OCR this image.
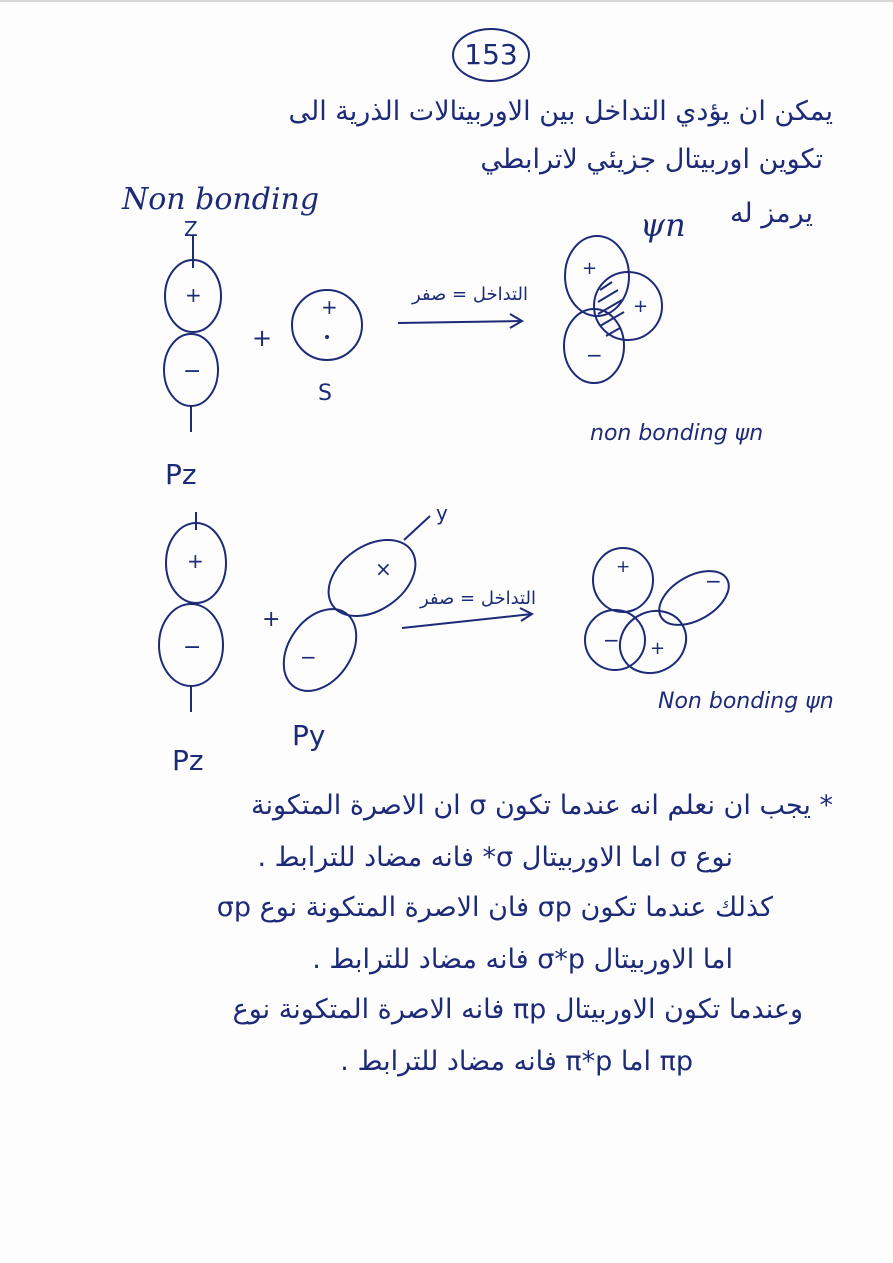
153
يمكن ان يؤدي التداخل بين الاوربيتالات الذرية الى
تكوين اوربيتال جزيئي لاترابطي
Non bonding	يرمز له
ψn
Z
+
−
+
+
S
Pz
التداخل = صفر
+
+
−
non bonding ψn
+
−
+
y
×
−
Pz
Py
التداخل = صفر
+
−
− +
Non bonding ψn
* يجب ان نعلم انه عندما تكون σ ان الاصرة المتكونة
نوع σ اما الاوربيتال σ* فانه مضاد للترابط .
كذلك عندما تكون σp فان الاصرة المتكونة نوع σp
اما الاوربيتال σ*p فانه مضاد للترابط .
وعندما تكون الاوربيتال πp فانه الاصرة المتكونة نوع
πp اما π*p فانه مضاد للترابط .
